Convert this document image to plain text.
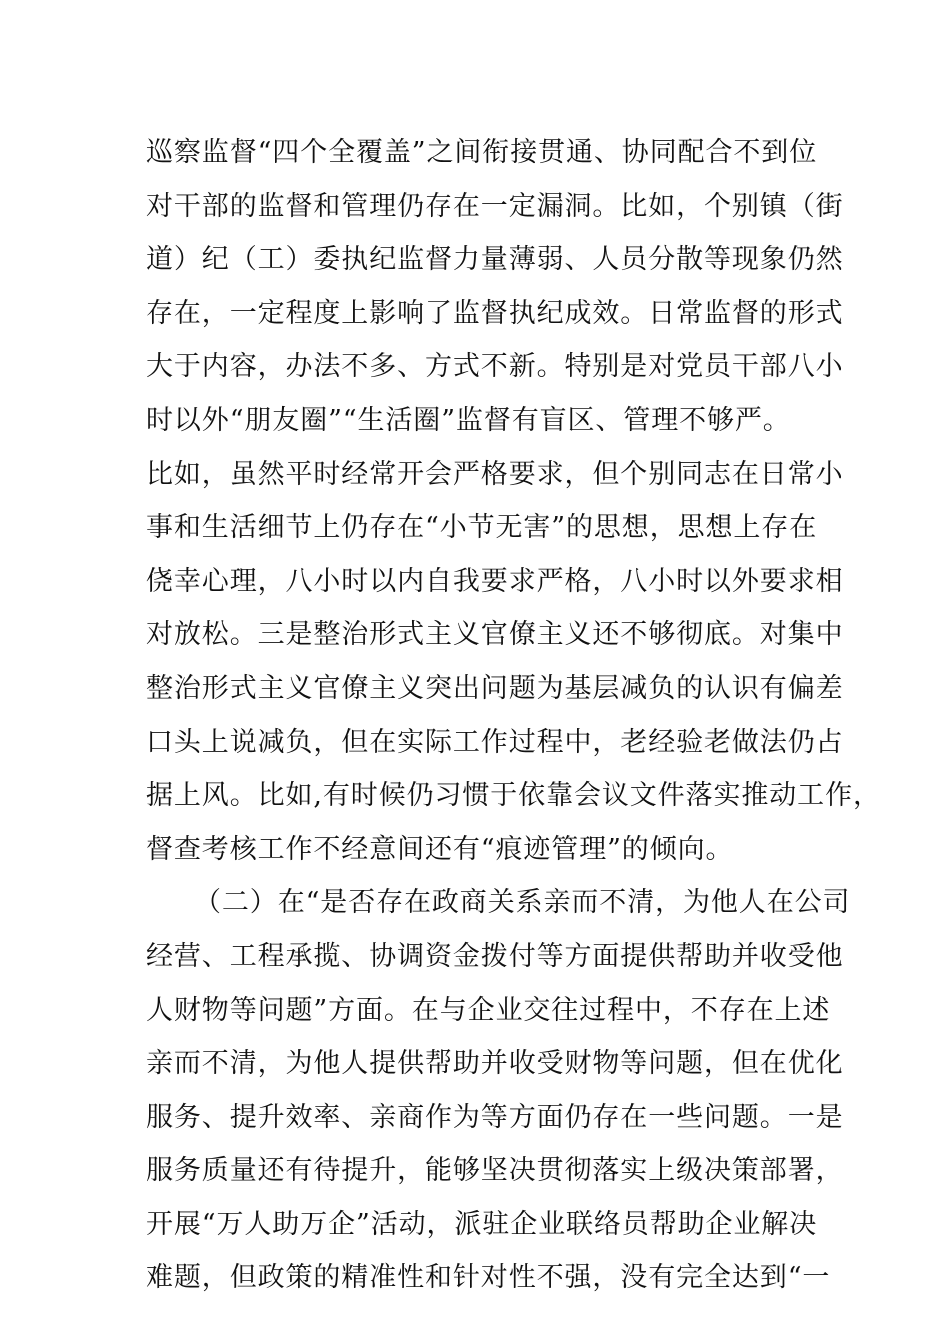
巡察监督“四个全覆盖”之间衔接贯通、协同配合不到位
对干部的监督和管理仍存在一定漏洞。比如，个别镇（街
道）纪（工）委执纪监督力量薄弱、人员分散等现象仍然
存在，一定程度上影响了监督执纪成效。日常监督的形式
大于内容，办法不多、方式不新。特别是对党员干部八小
时以外“朋友圈”“生活圈”监督有盲区、管理不够严。
比如，虽然平时经常开会严格要求，但个别同志在日常小
事和生活细节上仍存在“小节无害”的思想，思想上存在
侥幸心理，八小时以内自我要求严格，八小时以外要求相
对放松。三是整治形式主义官僚主义还不够彻底。对集中
整治形式主义官僚主义突出问题为基层减负的认识有偏差
口头上说减负，但在实际工作过程中，老经验老做法仍占
据上风。比如,有时候仍习惯于依靠会议文件落实推动工作，
督查考核工作不经意间还有“痕迹管理”的倾向。
（二）在“是否存在政商关系亲而不清，为他人在公司
经营、工程承揽、协调资金拨付等方面提供帮助并收受他
人财物等问题”方面。在与企业交往过程中，不存在上述
亲而不清，为他人提供帮助并收受财物等问题，但在优化
服务、提升效率、亲商作为等方面仍存在一些问题。一是
服务质量还有待提升，能够坚决贯彻落实上级决策部署，
开展“万人助万企”活动，派驻企业联络员帮助企业解决
难题，但政策的精准性和针对性不强，没有完全达到“一
